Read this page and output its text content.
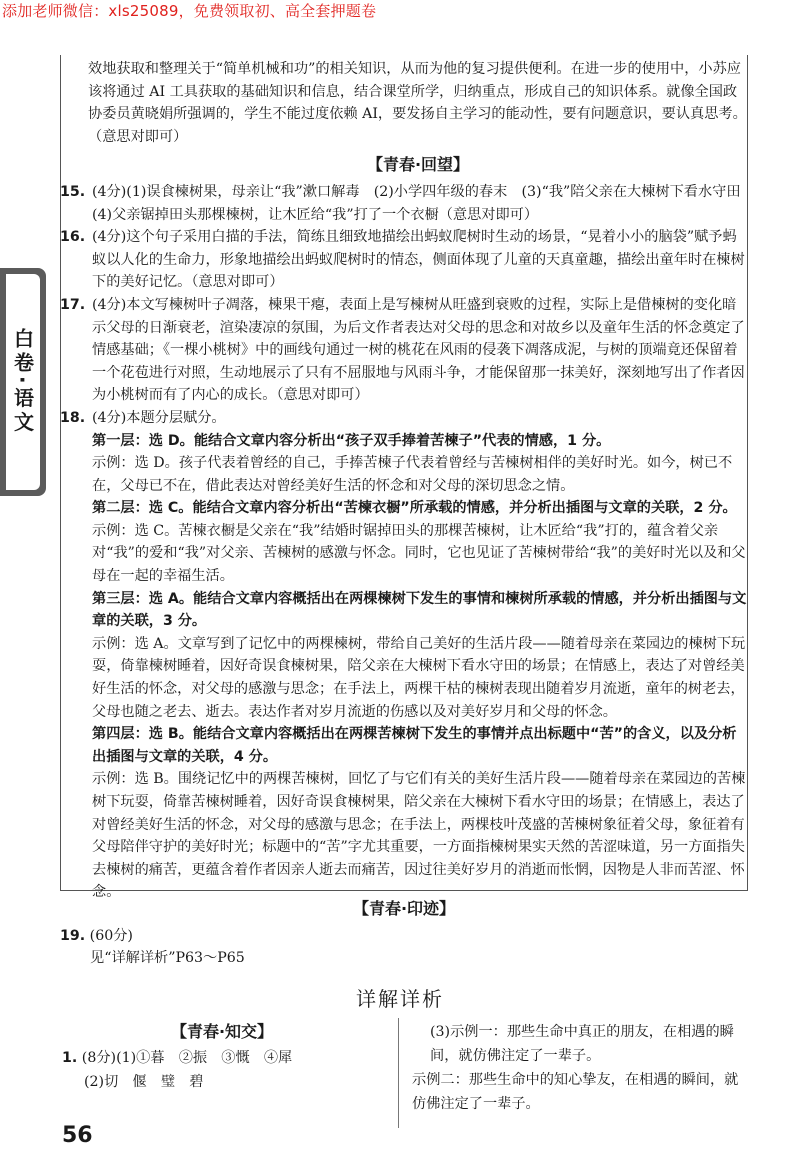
添加老师微信：xls25089，免费领取初、高全套押题卷
白卷·语文

效地获取和整理关于“简单机械和功”的相关知识，从而为他的复习提供便利。在进一步的使用中，小苏应该将通过 AI 工具获取的基础知识和信息，结合课堂所学，归纳重点，形成自己的知识体系。就像全国政协委员黄晓娟所强调的，学生不能过度依赖 AI，要发扬自主学习的能动性，要有问题意识，要认真思考。（意思对即可）

【青春·回望】
15. (4分)(1)误食楝树果，母亲让“我”漱口解毒　(2)小学四年级的春末　(3)“我”陪父亲在大楝树下看水守田　(4)父亲锯掉田头那棵楝树，让木匠给“我”打了一个衣橱（意思对即可）
16. (4分)这个句子采用白描的手法，简练且细致地描绘出蚂蚁爬树时生动的场景，“晃着小小的脑袋”赋予蚂蚁以人化的生命力，形象地描绘出蚂蚁爬树时的情态，侧面体现了儿童的天真童趣，描绘出童年时在楝树下的美好记忆。（意思对即可）
17. (4分)本文写楝树叶子凋落，楝果干瘪，表面上是写楝树从旺盛到衰败的过程，实际上是借楝树的变化暗示父母的日渐衰老，渲染凄凉的氛围，为后文作者表达对父母的思念和对故乡以及童年生活的怀念奠定了情感基础；《一棵小桃树》中的画线句通过一树的桃花在风雨的侵袭下凋落成泥，与树的顶端竟还保留着一个花苞进行对照，生动地展示了只有不屈服地与风雨斗争，才能保留那一抹美好，深刻地写出了作者因为小桃树而有了内心的成长。（意思对即可）
18. (4分)本题分层赋分。

第一层：选 D。能结合文章内容分析出“孩子双手捧着苦楝子”代表的情感，1 分。

示例：选 D。孩子代表着曾经的自己，手捧苦楝子代表着曾经与苦楝树相伴的美好时光。如今，树已不在，父母已不在，借此表达对曾经美好生活的怀念和对父母的深切思念之情。

第二层：选 C。能结合文章内容分析出“苦楝衣橱”所承载的情感，并分析出插图与文章的关联，2 分。

示例：选 C。苦楝衣橱是父亲在“我”结婚时锯掉田头的那棵苦楝树，让木匠给“我”打的，蕴含着父亲对“我”的爱和“我”对父亲、苦楝树的感激与怀念。同时，它也见证了苦楝树带给“我”的美好时光以及和父母在一起的幸福生活。

第三层：选 A。能结合文章内容概括出在两棵楝树下发生的事情和楝树所承载的情感，并分析出插图与文章的关联，3 分。

示例：选 A。文章写到了记忆中的两棵楝树，带给自己美好的生活片段——随着母亲在菜园边的楝树下玩耍，倚靠楝树睡着，因好奇误食楝树果，陪父亲在大楝树下看水守田的场景；在情感上，表达了对曾经美好生活的怀念，对父母的感激与思念；在手法上，两棵干枯的楝树表现出随着岁月流逝，童年的树老去，父母也随之老去、逝去。表达作者对岁月流逝的伤感以及对美好岁月和父母的怀念。

第四层：选 B。能结合文章内容概括出在两棵苦楝树下发生的事情并点出标题中“苦”的含义，以及分析出插图与文章的关联，4 分。

示例：选 B。围绕记忆中的两棵苦楝树，回忆了与它们有关的美好生活片段——随着母亲在菜园边的苦楝树下玩耍，倚靠苦楝树睡着，因好奇误食楝树果，陪父亲在大楝树下看水守田的场景；在情感上，表达了对曾经美好生活的怀念，对父母的感激与思念；在手法上，两棵枝叶茂盛的苦楝树象征着父母，象征着有父母陪伴守护的美好时光；标题中的“苦”字尤其重要，一方面指楝树果实天然的苦涩味道，另一方面指失去楝树的痛苦，更蕴含着作者因亲人逝去而痛苦，因过往美好岁月的消逝而怅惘，因物是人非而苦涩、怀念。

【青春·印迹】
19. (60分)
见“详解详析”P63～P65
详解详析
【青春·知交】
1. (8分)(1)①暮　②振　③慨　④犀
(2)切　偃　璧　碧

(3)示例一：那些生命中真正的朋友，在相遇的瞬间，就仿佛注定了一辈子。

示例二：那些生命中的知心挚友，在相遇的瞬间，就仿佛注定了一辈子。

56
